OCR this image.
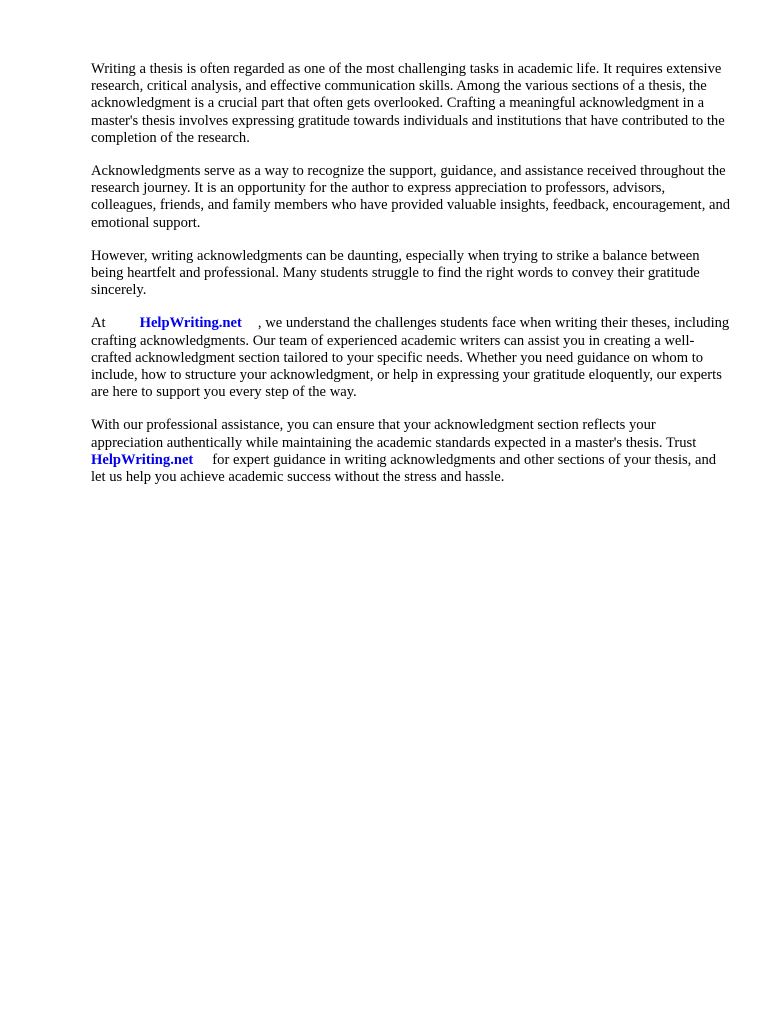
Writing a thesis is often regarded as one of the most challenging tasks in academic life. It requires extensive research, critical analysis, and effective communication skills. Among the various sections of a thesis, the acknowledgment is a crucial part that often gets overlooked. Crafting a meaningful acknowledgment in a master's thesis involves expressing gratitude towards individuals and institutions that have contributed to the completion of the research.

Acknowledgments serve as a way to recognize the support, guidance, and assistance received throughout the research journey. It is an opportunity for the author to express appreciation to professors, advisors, colleagues, friends, and family members who have provided valuable insights, feedback, encouragement, and emotional support.

However, writing acknowledgments can be daunting, especially when trying to strike a balance between being heartfelt and professional. Many students struggle to find the right words to convey their gratitude sincerely.

At HelpWriting.net , we understand the challenges students face when writing their theses, including crafting acknowledgments. Our team of experienced academic writers can assist you in creating a well-crafted acknowledgment section tailored to your specific needs. Whether you need guidance on whom to include, how to structure your acknowledgment, or help in expressing your gratitude eloquently, our experts are here to support you every step of the way.

With our professional assistance, you can ensure that your acknowledgment section reflects your appreciation authentically while maintaining the academic standards expected in a master's thesis. TrustHelpWriting.net for expert guidance in writing acknowledgments and other sections of your thesis, and let us help you achieve academic success without the stress and hassle.
